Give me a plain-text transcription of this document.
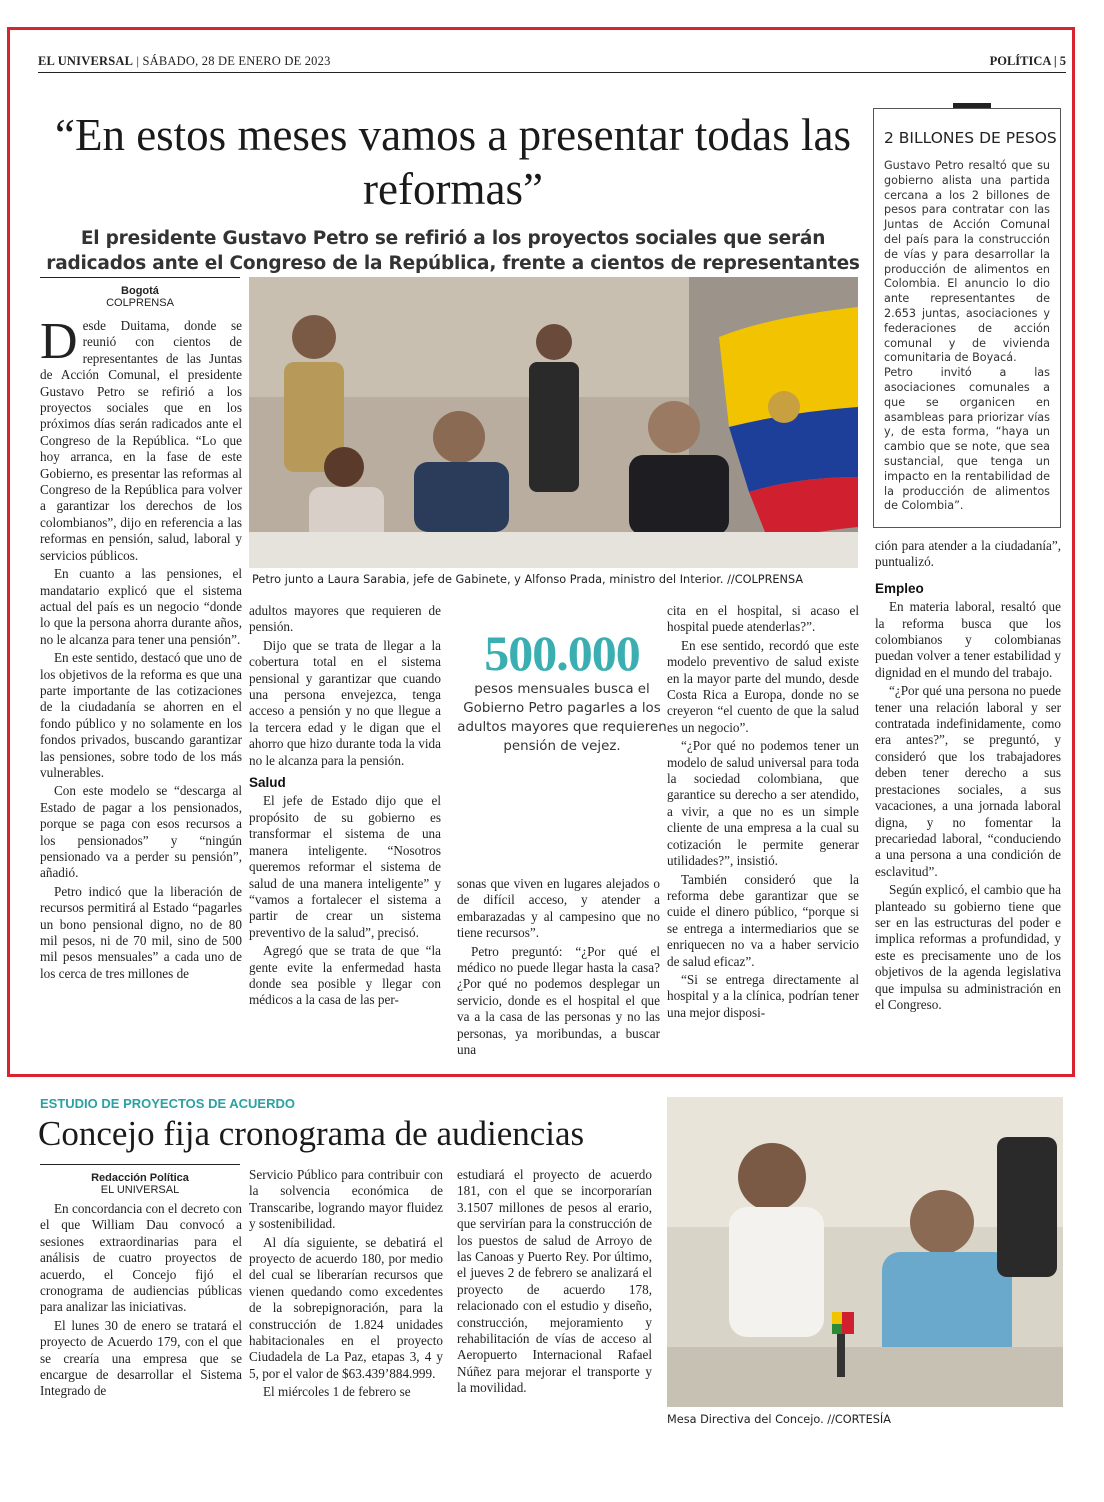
EL UNIVERSAL | SÁBADO, 28 DE ENERO DE 2023	POLÍTICA | 5
“En estos meses vamos a presentar todas las reformas”
El presidente Gustavo Petro se refirió a los proyectos sociales que serán radicados ante el Congreso de la República, frente a cientos de representantes
Bogotá
COLPRENSA

Desde Duitama, donde se reunió con cientos de representantes de las Juntas de Acción Comunal, el presidente Gustavo Petro se refirió a los proyectos sociales que en los próximos días serán radicados ante el Congreso de la República. “Lo que hoy arranca, en la fase de este Gobierno, es presentar las reformas al Congreso de la República para volver a garantizar los derechos de los colombianos”, dijo en referencia a las reformas en pensión, salud, laboral y servicios públicos.

En cuanto a las pensiones, el mandatario explicó que el sistema actual del país es un negocio “donde lo que la persona ahorra durante años, no le alcanza para tener una pensión”.

En este sentido, destacó que uno de los objetivos de la reforma es que una parte importante de las cotizaciones de la ciudadanía se ahorren en el fondo público y no solamente en los fondos privados, buscando garantizar las pensiones, sobre todo de los más vulnerables.

Con este modelo se “descarga al Estado de pagar a los pensionados, porque se paga con esos recursos a los pensionados” y “ningún pensionado va a perder su pensión”, añadió.

Petro indicó que la liberación de recursos permitirá al Estado “pagarles un bono pensional digno, no de 80 mil pesos, ni de 70 mil, sino de 500 mil pesos mensuales” a cada uno de los cerca de tres millones de

Petro junto a Laura Sarabia, jefe de Gabinete, y Alfonso Prada, ministro del Interior. //COLPRENSA

adultos mayores que requieren de pensión.

Dijo que se trata de llegar a la cobertura total en el sistema pensional y garantizar que cuando una persona envejezca, tenga acceso a pensión y no que llegue a la tercera edad y le digan que el ahorro que hizo durante toda la vida no le alcanza para la pensión.

Salud

El jefe de Estado dijo que el propósito de su gobierno es transformar el sistema de una manera inteligente. “Nosotros queremos reformar el sistema de salud de una manera inteligente” y “vamos a fortalecer el sistema a partir de crear un sistema preventivo de la salud”, precisó.

Agregó que se trata de que “la gente evite la enfermedad hasta donde sea posible y llegar con médicos a la casa de las per-

500.000
pesos mensuales busca el Gobierno Petro pagarles a los adultos mayores que requieren pensión de vejez.

sonas que viven en lugares alejados o de difícil acceso, y atender a embarazadas y al campesino que no tiene recursos”.

Petro preguntó: “¿Por qué el médico no puede llegar hasta la casa? ¿Por qué no podemos desplegar un servicio, donde es el hospital el que va a la casa de las personas y no las personas, ya moribundas, a buscar una

cita en el hospital, si acaso el hospital puede atenderlas?”.

En ese sentido, recordó que este modelo preventivo de salud existe en la mayor parte del mundo, desde Costa Rica a Europa, donde no se creyeron “el cuento de que la salud es un negocio”.

“¿Por qué no podemos tener un modelo de salud universal para toda la sociedad colombiana, que garantice su derecho a ser atendido, a vivir, a que no es un simple cliente de una empresa a la cual su cotización le permite generar utilidades?”, insistió.

También consideró que la reforma debe garantizar que se cuide el dinero público, “porque si se entrega a intermediarios que se enriquecen no va a haber servicio de salud eficaz”.

“Si se entrega directamente al hospital y a la clínica, podrían tener una mejor disposi-

2 BILLONES DE PESOS

Gustavo Petro resaltó que su gobierno alista una partida cercana a los 2 billones de pesos para contratar con las Juntas de Acción Comunal del país para la construcción de vías y para desarrollar la producción de alimentos en Colombia. El anuncio lo dio ante representantes de 2.653 juntas, asociaciones y federaciones de acción comunal y de vivienda comunitaria de Boyacá.

Petro invitó a las asociaciones comunales a que se organicen en asambleas para priorizar vías y, de esta forma, “haya un cambio que se note, que sea sustancial, que tenga un impacto en la rentabilidad de la producción de alimentos de Colombia”.

ción para atender a la ciudadanía”, puntualizó.

Empleo

En materia laboral, resaltó que la reforma busca que los colombianos y colombianas puedan volver a tener estabilidad y dignidad en el mundo del trabajo.

“¿Por qué una persona no puede tener una relación laboral y ser contratada indefinidamente, como era antes?”, se preguntó, y consideró que los trabajadores deben tener derecho a sus prestaciones sociales, a sus vacaciones, a una jornada laboral digna, y no fomentar la precariedad laboral, “conduciendo a una persona a una condición de esclavitud”.

Según explicó, el cambio que ha planteado su gobierno tiene que ser en las estructuras del poder e implica reformas a profundidad, y este es precisamente uno de los objetivos de la agenda legislativa que impulsa su administración en el Congreso.

ESTUDIO DE PROYECTOS DE ACUERDO
Concejo fija cronograma de audiencias
Redacción Política
EL UNIVERSAL

En concordancia con el decreto con el que William Dau convocó a sesiones extraordinarias para el análisis de cuatro proyectos de acuerdo, el Concejo fijó el cronograma de audiencias públicas para analizar las iniciativas.

El lunes 30 de enero se tratará el proyecto de Acuerdo 179, con el que se crearía una empresa que se encargue de desarrollar el Sistema Integrado de

Servicio Público para contribuir con la solvencia económica de Transcaribe, logrando mayor fluidez y sostenibilidad.

Al día siguiente, se debatirá el proyecto de acuerdo 180, por medio del cual se liberarían recursos que vienen quedando como excedentes de la sobrepignoración, para la construcción de 1.824 unidades habitacionales en el proyecto Ciudadela de La Paz, etapas 3, 4 y 5, por el valor de $63.439’884.999.

El miércoles 1 de febrero se

estudiará el proyecto de acuerdo 181, con el que se incorporarían 3.1507 millones de pesos al erario, que servirían para la construcción de los puestos de salud de Arroyo de las Canoas y Puerto Rey. Por último, el jueves 2 de febrero se analizará el proyecto de acuerdo 178, relacionado con el estudio y diseño, construcción, mejoramiento y rehabilitación de vías de acceso al Aeropuerto Internacional Rafael Núñez para mejorar el transporte y la movilidad.

Mesa Directiva del Concejo. //CORTESÍA
